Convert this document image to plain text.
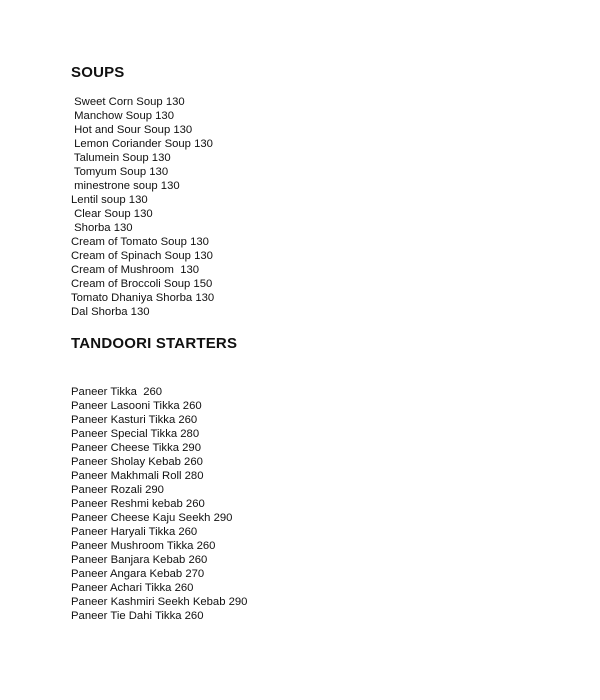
SOUPS
Sweet Corn Soup 130
Manchow Soup 130
Hot and Sour Soup 130
Lemon Coriander Soup 130
Talumein Soup 130
Tomyum Soup 130
minestrone soup 130
Lentil soup 130
Clear Soup 130
Shorba 130
Cream of Tomato Soup 130
Cream of Spinach Soup 130
Cream of Mushroom  130
Cream of Broccoli Soup 150
Tomato Dhaniya Shorba 130
Dal Shorba 130
TANDOORI STARTERS
Paneer Tikka  260
Paneer Lasooni Tikka 260
Paneer Kasturi Tikka 260
Paneer Special Tikka 280
Paneer Cheese Tikka 290
Paneer Sholay Kebab 260
Paneer Makhmali Roll 280
Paneer Rozali 290
Paneer Reshmi kebab 260
Paneer Cheese Kaju Seekh 290
Paneer Haryali Tikka 260
Paneer Mushroom Tikka 260
Paneer Banjara Kebab 260
Paneer Angara Kebab 270
Paneer Achari Tikka 260
Paneer Kashmiri Seekh Kebab 290
Paneer Tie Dahi Tikka 260
